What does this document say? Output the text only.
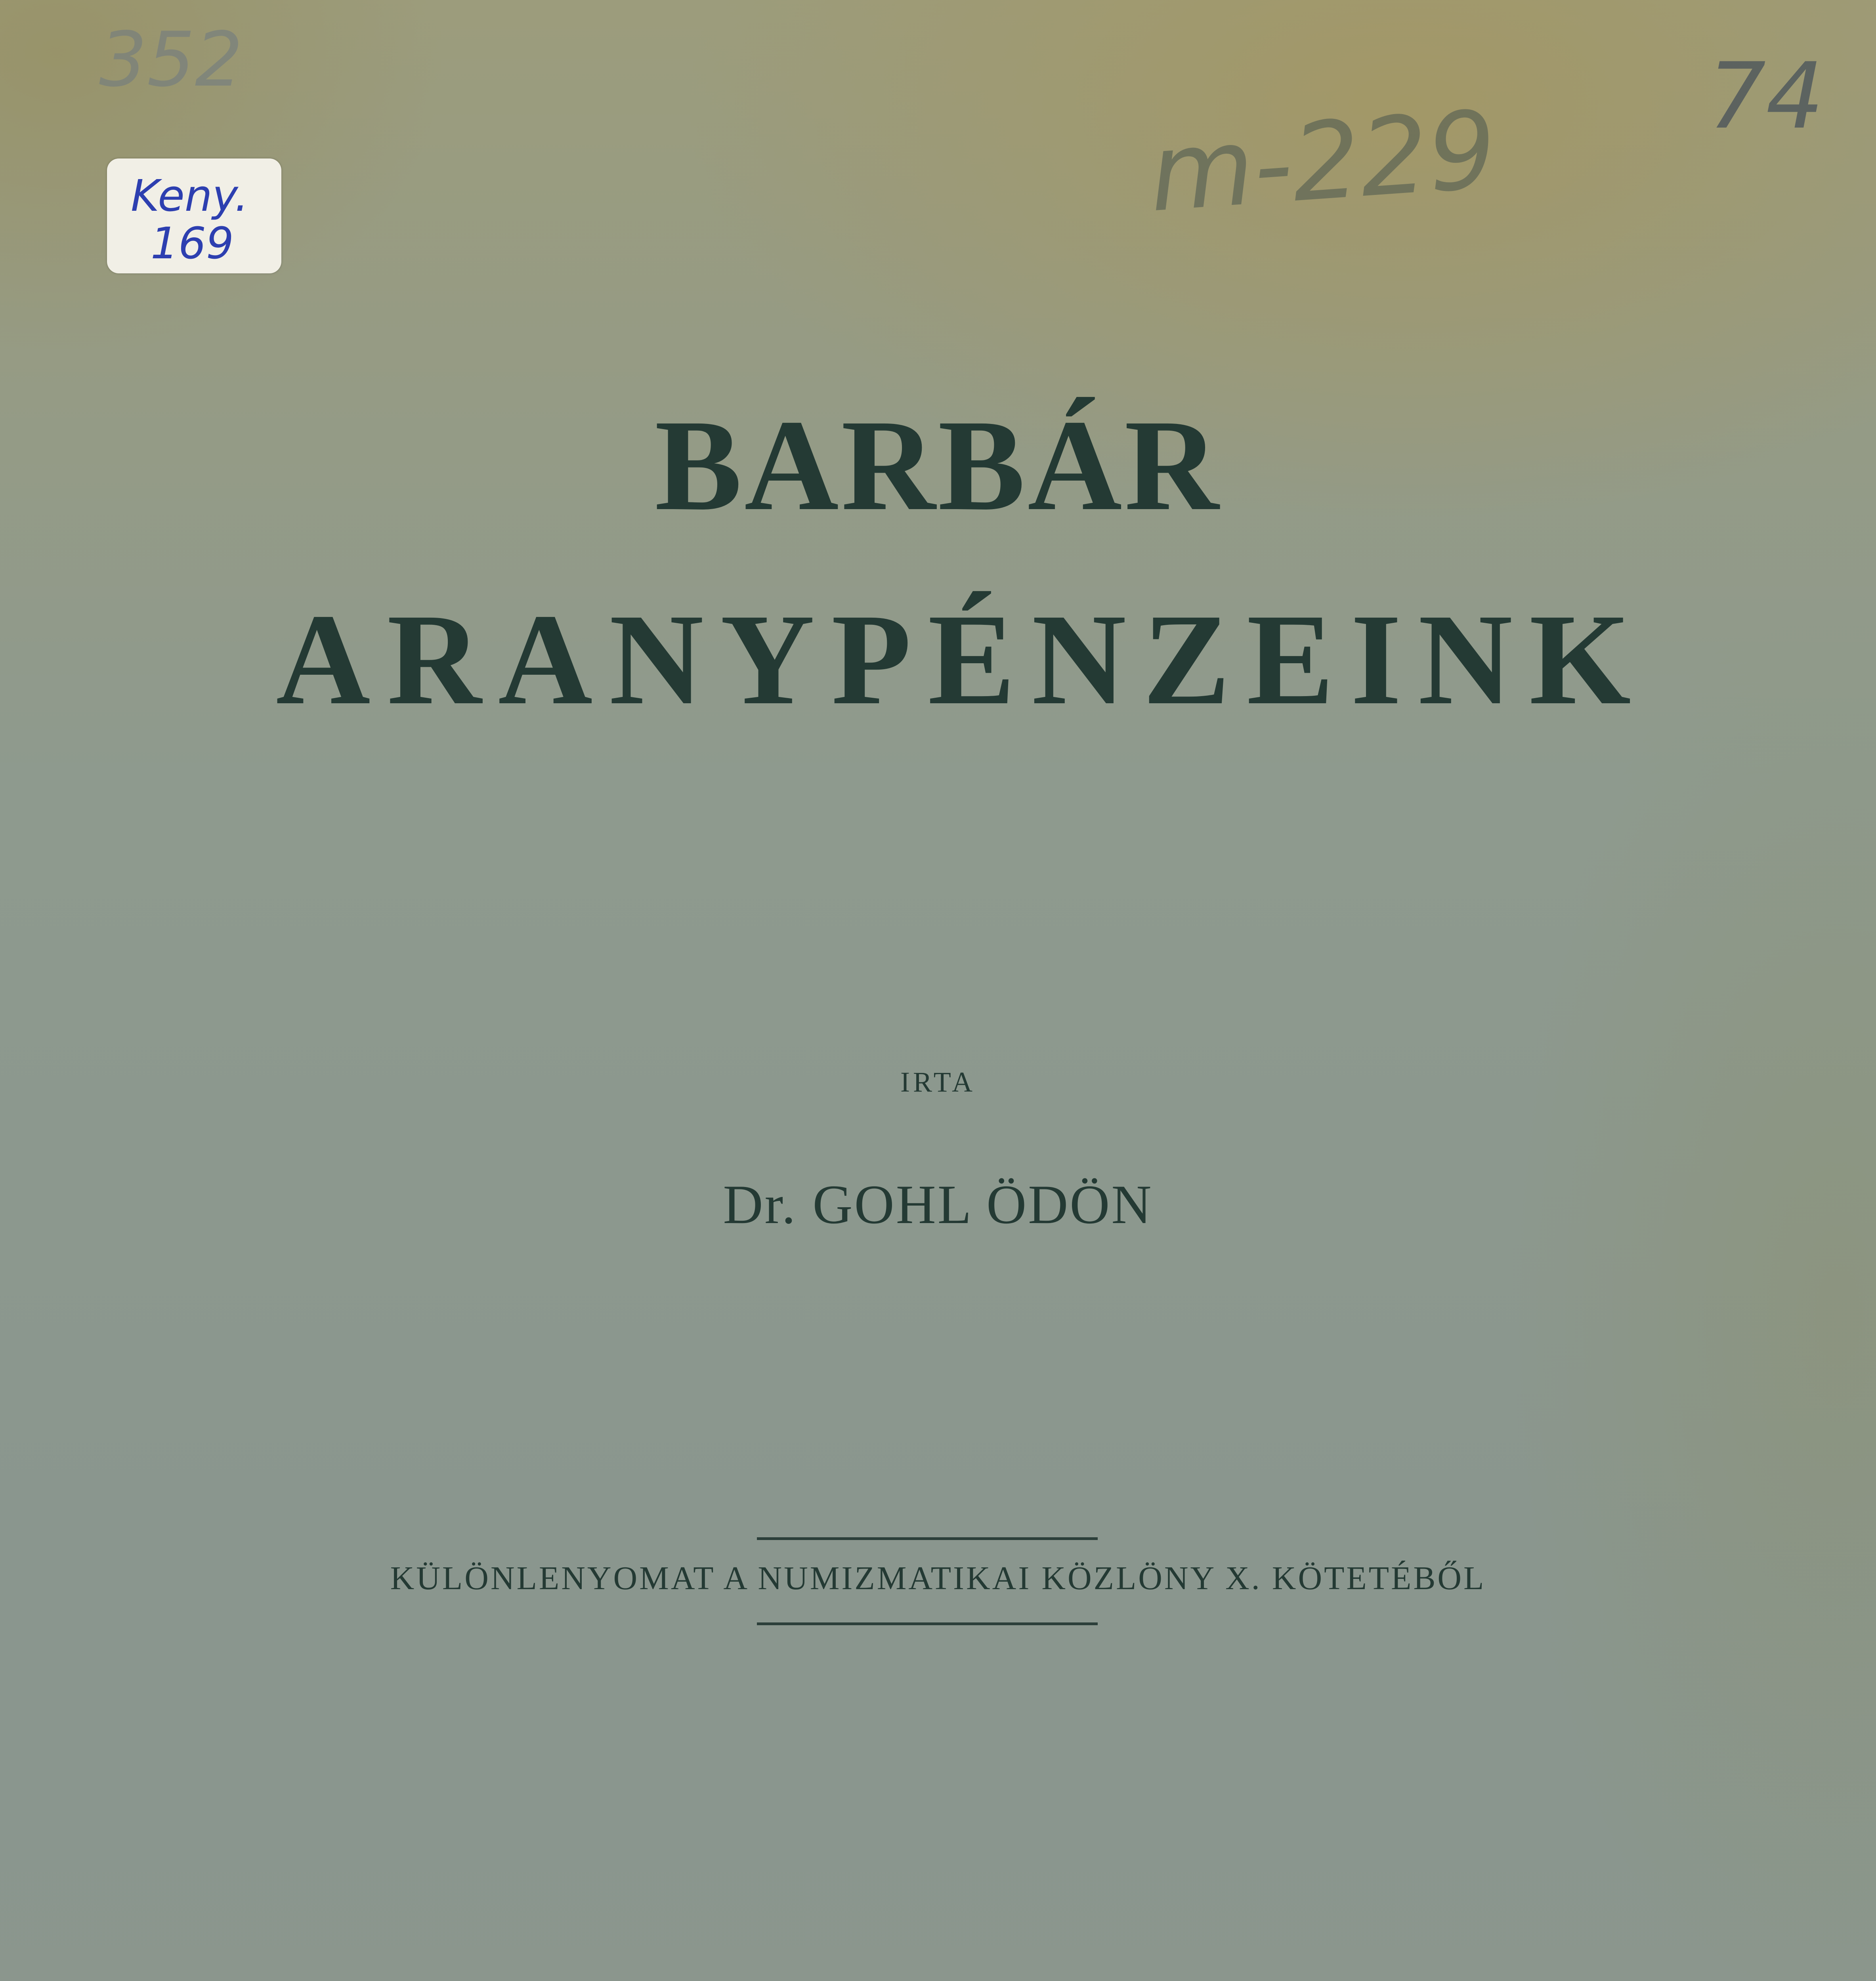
352	74

m-229

Keny.

169

BARBÁR
ARANYPÉNZEINK

IRTA

Dr. GOHL ÖDÖN

KÜLÖNLENYOMAT A NUMIZMATIKAI KÖZLÖNY X. KÖTETÉBŐL
